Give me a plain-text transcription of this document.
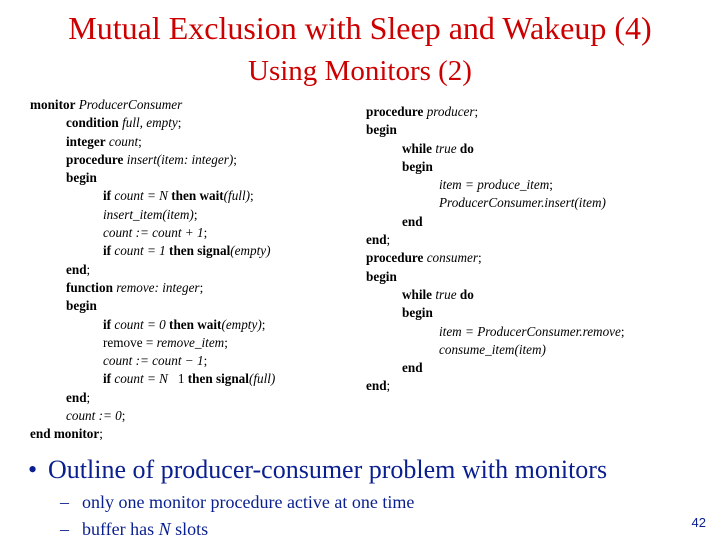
Mutual Exclusion with Sleep and Wakeup (4)
Using Monitors (2)
monitor ProducerConsumer
condition full, empty;
integer count;
procedure insert(item: integer);
begin
if count = N then wait(full);
insert_item(item);
count := count + 1;
if count = 1 then signal(empty)
end;
function remove: integer;
begin
if count = 0 then wait(empty);
remove = remove_item;
count := count − 1;
if count = N 1 then signal(full)
end;
count := 0;
end monitor;
procedure producer;
begin
while true do
begin
item = produce_item;
ProducerConsumer.insert(item)
end
end;
procedure consumer;
begin
while true do
begin
item = ProducerConsumer.remove;
consume_item(item)
end
end;
• Outline of producer-consumer problem with monitors
– only one monitor procedure active at one time
– buffer has N slots	42
